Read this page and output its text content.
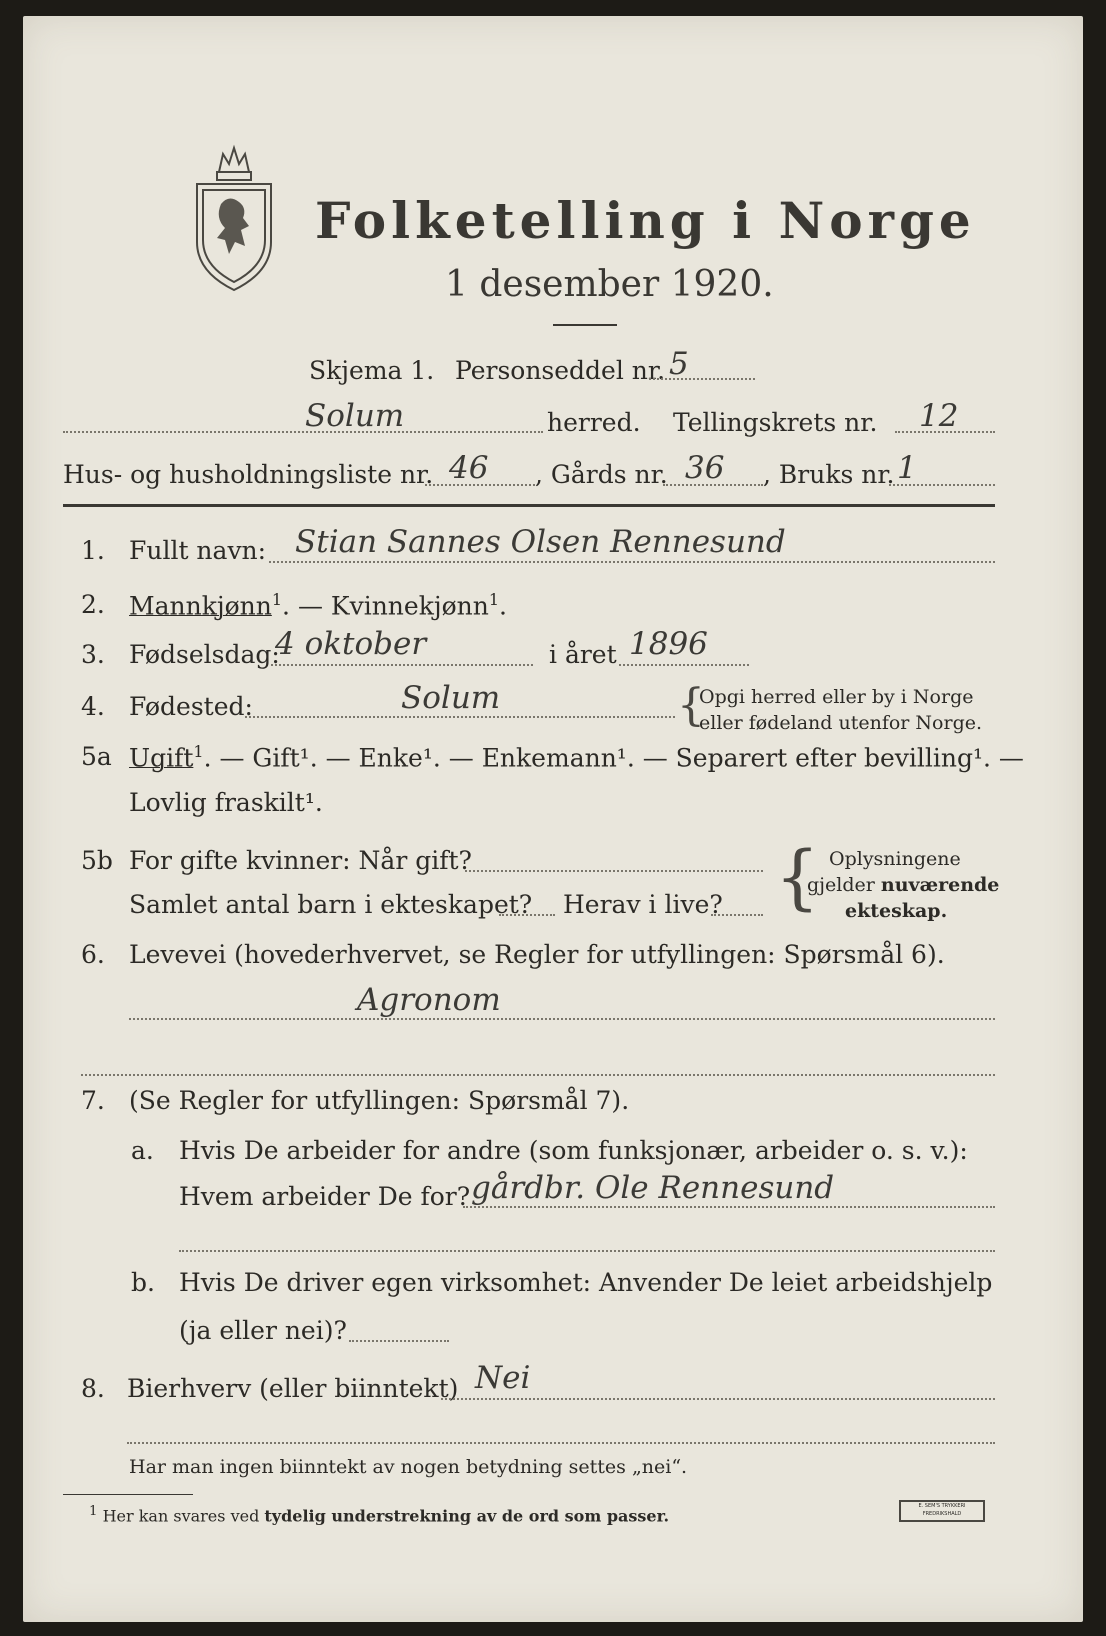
Folketelling i Norge
1 desember 1920.
Skjema 1. Personseddel nr. 5
Solum	herred. Tellingskrets nr. 12
Hus- og husholdningsliste nr. 46 , Gårds nr. 36 , Bruks nr. 1
1. Fullt navn: Stian Sannes Olsen Rennesund
2. Mannkjønn$^1$. — Kvinnekjønn$^1$.
3. Fødselsdag:
4 oktober	i året 1896
4. Fødested:	Solum	{
Opgi herred eller by i Norge
eller fødeland utenfor Norge.
5a Ugift$^1$. — Gift¹. — Enke¹. — Enkemann¹. — Separert efter bevilling¹. —
Lovlig fraskilt¹.
5b For gifte kvinner: Når gift?
Samlet antal barn i ekteskapet? Herav i live? { Oplysningene
gjelder nuværende
ekteskap.
6. Levevei (hovederhvervet, se Regler for utfyllingen: Spørsmål 6).
Agronom
7. (Se Regler for utfyllingen: Spørsmål 7).
a. Hvis De arbeider for andre (som funksjonær, arbeider o. s. v.):
Hvem arbeider De for? gårdbr. Ole Rennesund
b. Hvis De driver egen virksomhet: Anvender De leiet arbeidshjelp
(ja eller nei)?
8. Bierhverv (eller biinntekt) Nei
Har man ingen biinntekt av nogen betydning settes „nei“.
$^1$ Her kan svares ved tydelig understrekning av de ord som passer.
E. SEM'S TRYKKERI FREDRIKSHALD
